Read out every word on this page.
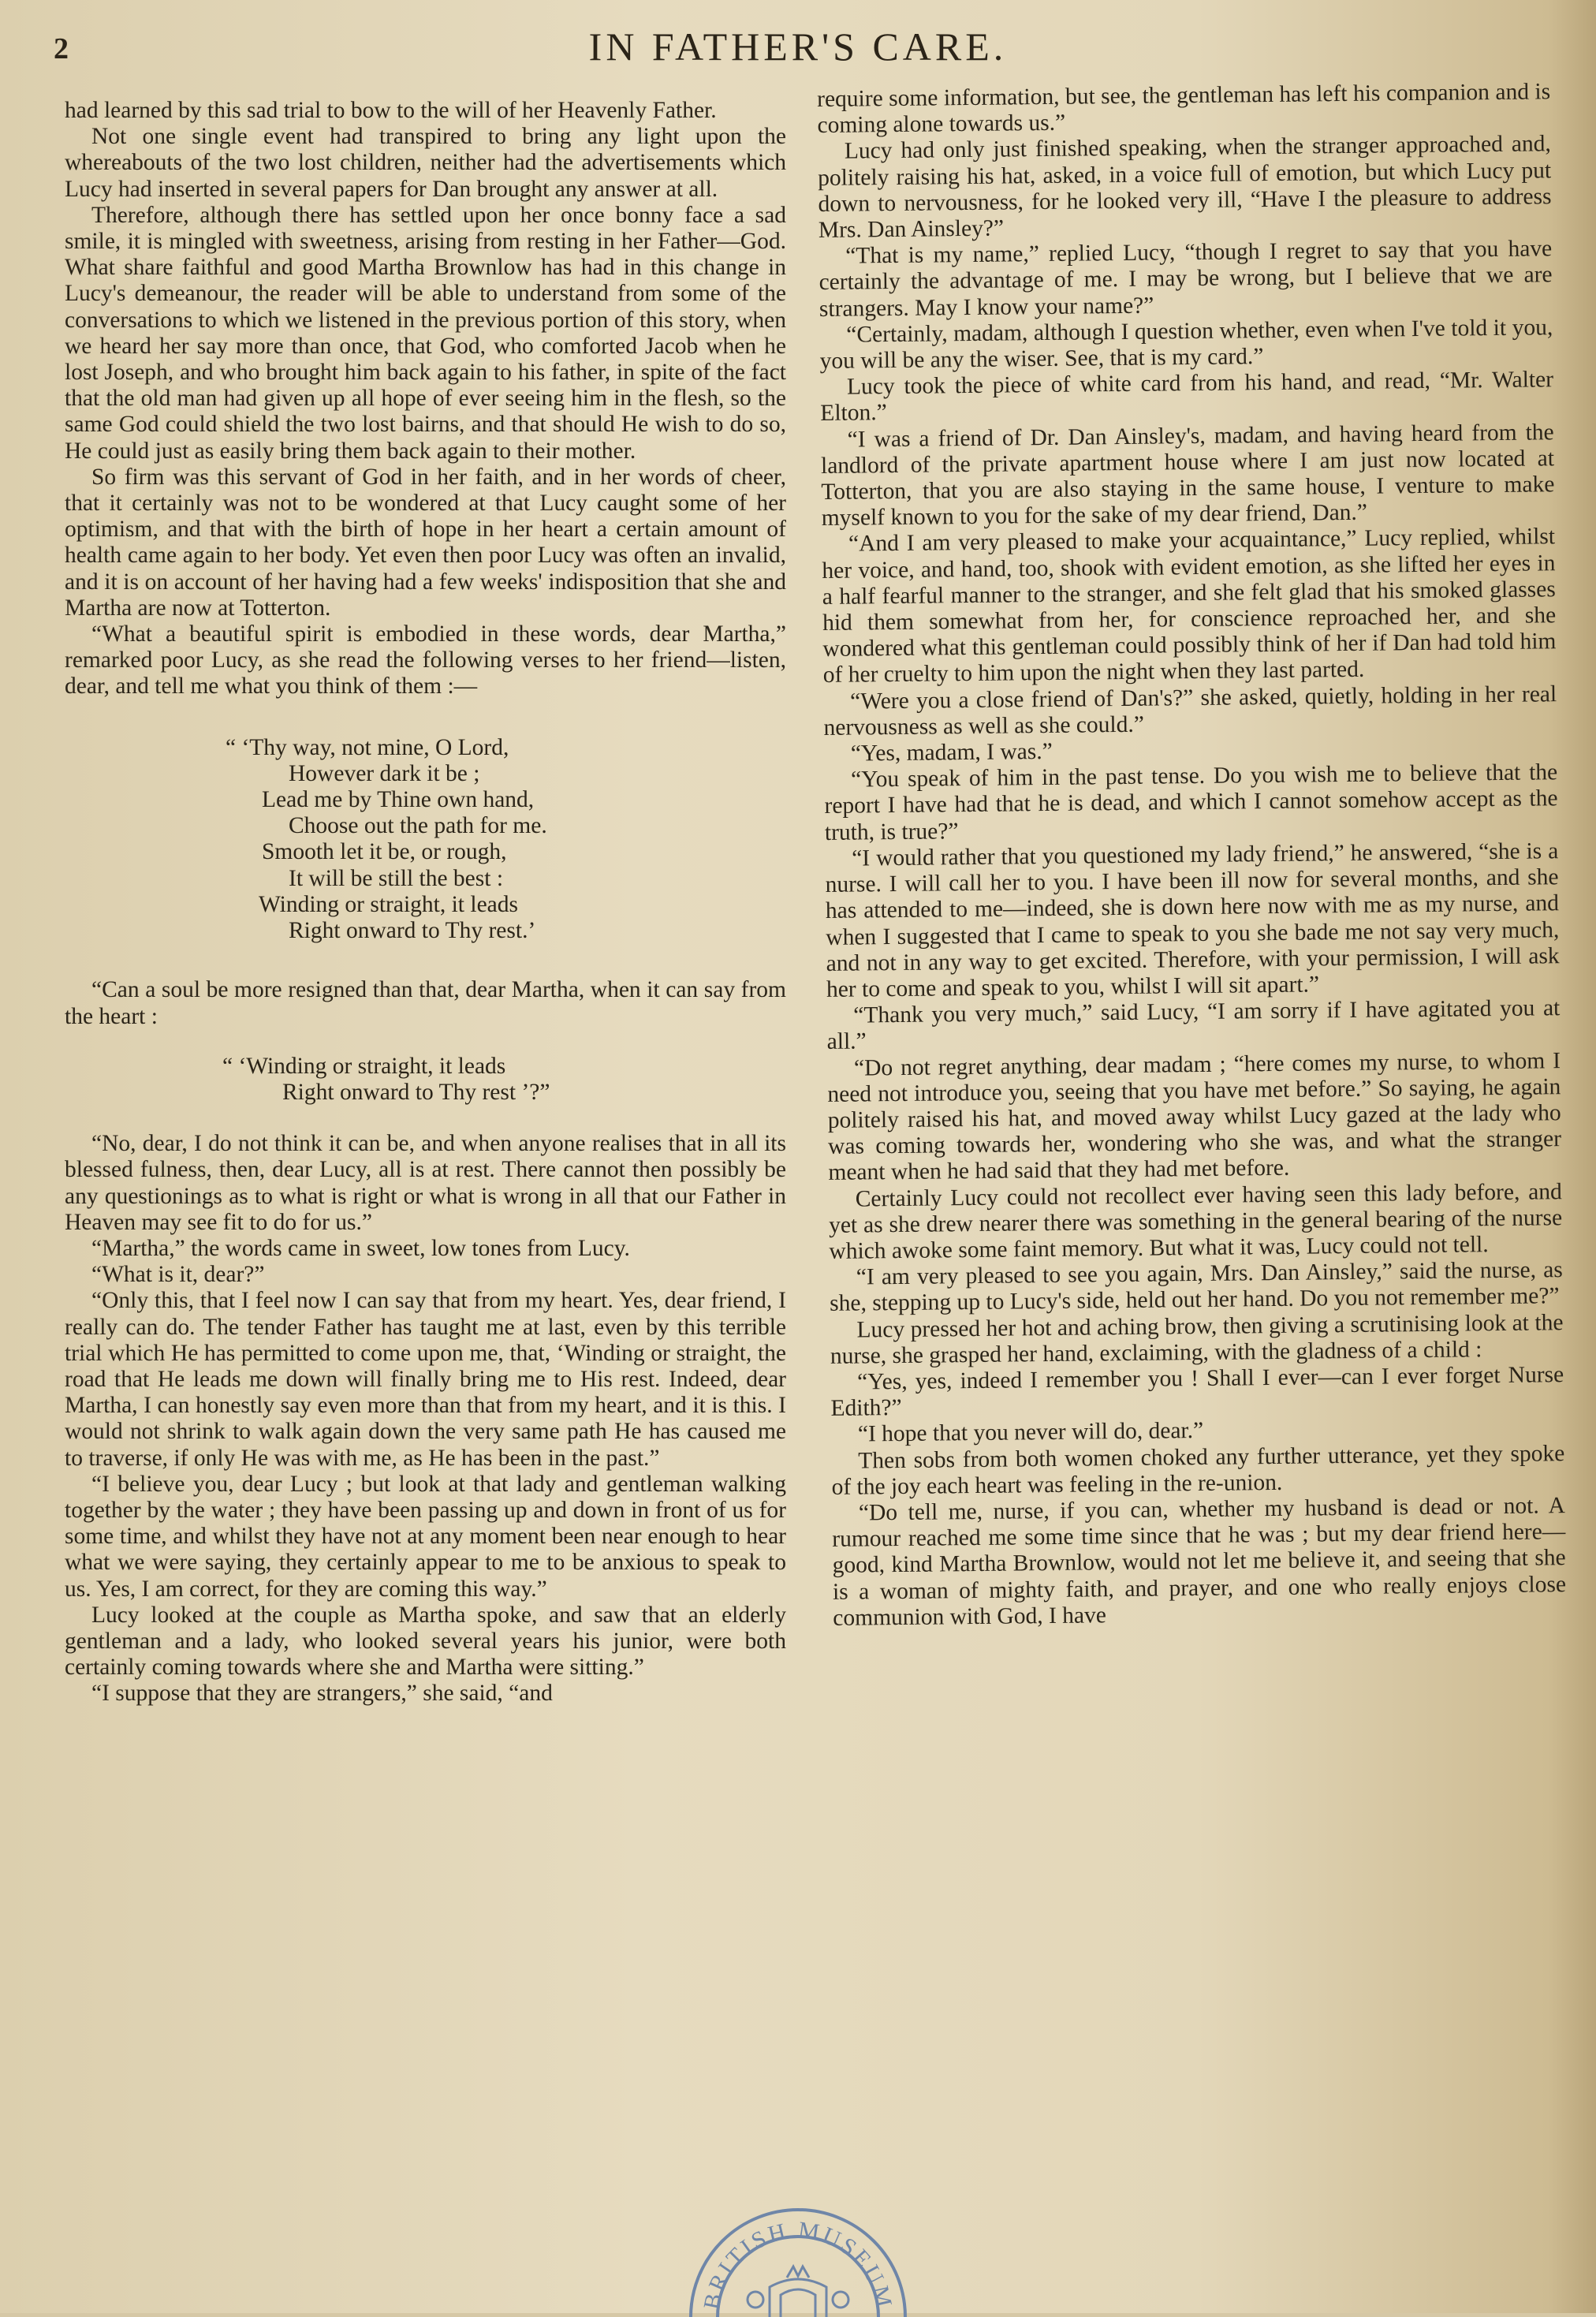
2	IN FATHER'S CARE.

had learned by this sad trial to bow to the will of her Heavenly Father.

Not one single event had transpired to bring any light upon the whereabouts of the two lost children, neither had the advertisements which Lucy had inserted in several papers for Dan brought any answer at all.

Therefore, although there has settled upon her once bonny face a sad smile, it is mingled with sweetness, arising from resting in her Father—God. What share faithful and good Martha Brownlow has had in this change in Lucy's demeanour, the reader will be able to understand from some of the conversations to which we listened in the previous portion of this story, when we heard her say more than once, that God, who comforted Jacob when he lost Joseph, and who brought him back again to his father, in spite of the fact that the old man had given up all hope of ever seeing him in the flesh, so the same God could shield the two lost bairns, and that should He wish to do so, He could just as easily bring them back again to their mother.

So firm was this servant of God in her faith, and in her words of cheer, that it certainly was not to be wondered at that Lucy caught some of her optimism, and that with the birth of hope in her heart a certain amount of health came again to her body. Yet even then poor Lucy was often an invalid, and it is on account of her having had a few weeks' indisposition that she and Martha are now at Totterton.

“What a beautiful spirit is embodied in these words, dear Martha,” remarked poor Lucy, as she read the following verses to her friend—listen, dear, and tell me what you think of them :—

“ ‘Thy way, not mine, O Lord,

However dark it be ;

Lead me by Thine own hand,

Choose out the path for me.

Smooth let it be, or rough,

It will be still the best :

Winding or straight, it leads

Right onward to Thy rest.’

“Can a soul be more resigned than that, dear Martha, when it can say from the heart :

“ ‘Winding or straight, it leads

Right onward to Thy rest ’?”

“No, dear, I do not think it can be, and when anyone realises that in all its blessed fulness, then, dear Lucy, all is at rest. There cannot then possibly be any questionings as to what is right or what is wrong in all that our Father in Heaven may see fit to do for us.”

“Martha,” the words came in sweet, low tones from Lucy.

“What is it, dear?”

“Only this, that I feel now I can say that from my heart. Yes, dear friend, I really can do. The tender Father has taught me at last, even by this terrible trial which He has permitted to come upon me, that, ‘Winding or straight, the road that He leads me down will finally bring me to His rest. Indeed, dear Martha, I can honestly say even more than that from my heart, and it is this. I would not shrink to walk again down the very same path He has caused me to traverse, if only He was with me, as He has been in the past.”

“I believe you, dear Lucy ; but look at that lady and gentleman walking together by the water ; they have been passing up and down in front of us for some time, and whilst they have not at any moment been near enough to hear what we were saying, they certainly appear to me to be anxious to speak to us. Yes, I am correct, for they are coming this way.”

Lucy looked at the couple as Martha spoke, and saw that an elderly gentleman and a lady, who looked several years his junior, were both certainly coming towards where she and Martha were sitting.”

“I suppose that they are strangers,” she said, “and

require some information, but see, the gentleman has left his companion and is coming alone towards us.”

Lucy had only just finished speaking, when the stranger approached and, politely raising his hat, asked, in a voice full of emotion, but which Lucy put down to nervousness, for he looked very ill, “Have I the pleasure to address Mrs. Dan Ainsley?”

“That is my name,” replied Lucy, “though I regret to say that you have certainly the advantage of me. I may be wrong, but I believe that we are strangers. May I know your name?”

“Certainly, madam, although I question whether, even when I've told it you, you will be any the wiser. See, that is my card.”

Lucy took the piece of white card from his hand, and read, “Mr. Walter Elton.”

“I was a friend of Dr. Dan Ainsley's, madam, and having heard from the landlord of the private apartment house where I am just now located at Totterton, that you are also staying in the same house, I venture to make myself known to you for the sake of my dear friend, Dan.”

“And I am very pleased to make your acquaintance,” Lucy replied, whilst her voice, and hand, too, shook with evident emotion, as she lifted her eyes in a half fearful manner to the stranger, and she felt glad that his smoked glasses hid them somewhat from her, for conscience reproached her, and she wondered what this gentleman could possibly think of her if Dan had told him of her cruelty to him upon the night when they last parted.

“Were you a close friend of Dan's?” she asked, quietly, holding in her real nervousness as well as she could.”

“Yes, madam, I was.”

“You speak of him in the past tense. Do you wish me to believe that the report I have had that he is dead, and which I cannot somehow accept as the truth, is true?”

“I would rather that you questioned my lady friend,” he answered, “she is a nurse. I will call her to you. I have been ill now for several months, and she has attended to me—indeed, she is down here now with me as my nurse, and when I suggested that I came to speak to you she bade me not say very much, and not in any way to get excited. Therefore, with your permission, I will ask her to come and speak to you, whilst I will sit apart.”

“Thank you very much,” said Lucy, “I am sorry if I have agitated you at all.”

“Do not regret anything, dear madam ; “here comes my nurse, to whom I need not introduce you, seeing that you have met before.” So saying, he again politely raised his hat, and moved away whilst Lucy gazed at the lady who was coming towards her, wondering who she was, and what the stranger meant when he had said that they had met before.

Certainly Lucy could not recollect ever having seen this lady before, and yet as she drew nearer there was something in the general bearing of the nurse which awoke some faint memory. But what it was, Lucy could not tell.

“I am very pleased to see you again, Mrs. Dan Ainsley,” said the nurse, as she, stepping up to Lucy's side, held out her hand. Do you not remember me?”

Lucy pressed her hot and aching brow, then giving a scrutinising look at the nurse, she grasped her hand, exclaiming, with the gladness of a child :

“Yes, yes, indeed I remember you ! Shall I ever—can I ever forget Nurse Edith?”

“I hope that you never will do, dear.”

Then sobs from both women choked any further utterance, yet they spoke of the joy each heart was feeling in the re-union.

“Do tell me, nurse, if you can, whether my husband is dead or not. A rumour reached me some time since that he was ; but my dear friend here—good, kind Martha Brownlow, would not let me believe it, and seeing that she is a woman of mighty faith, and prayer, and one who really enjoys close communion with God, I have

BRITISH MUSEUM
